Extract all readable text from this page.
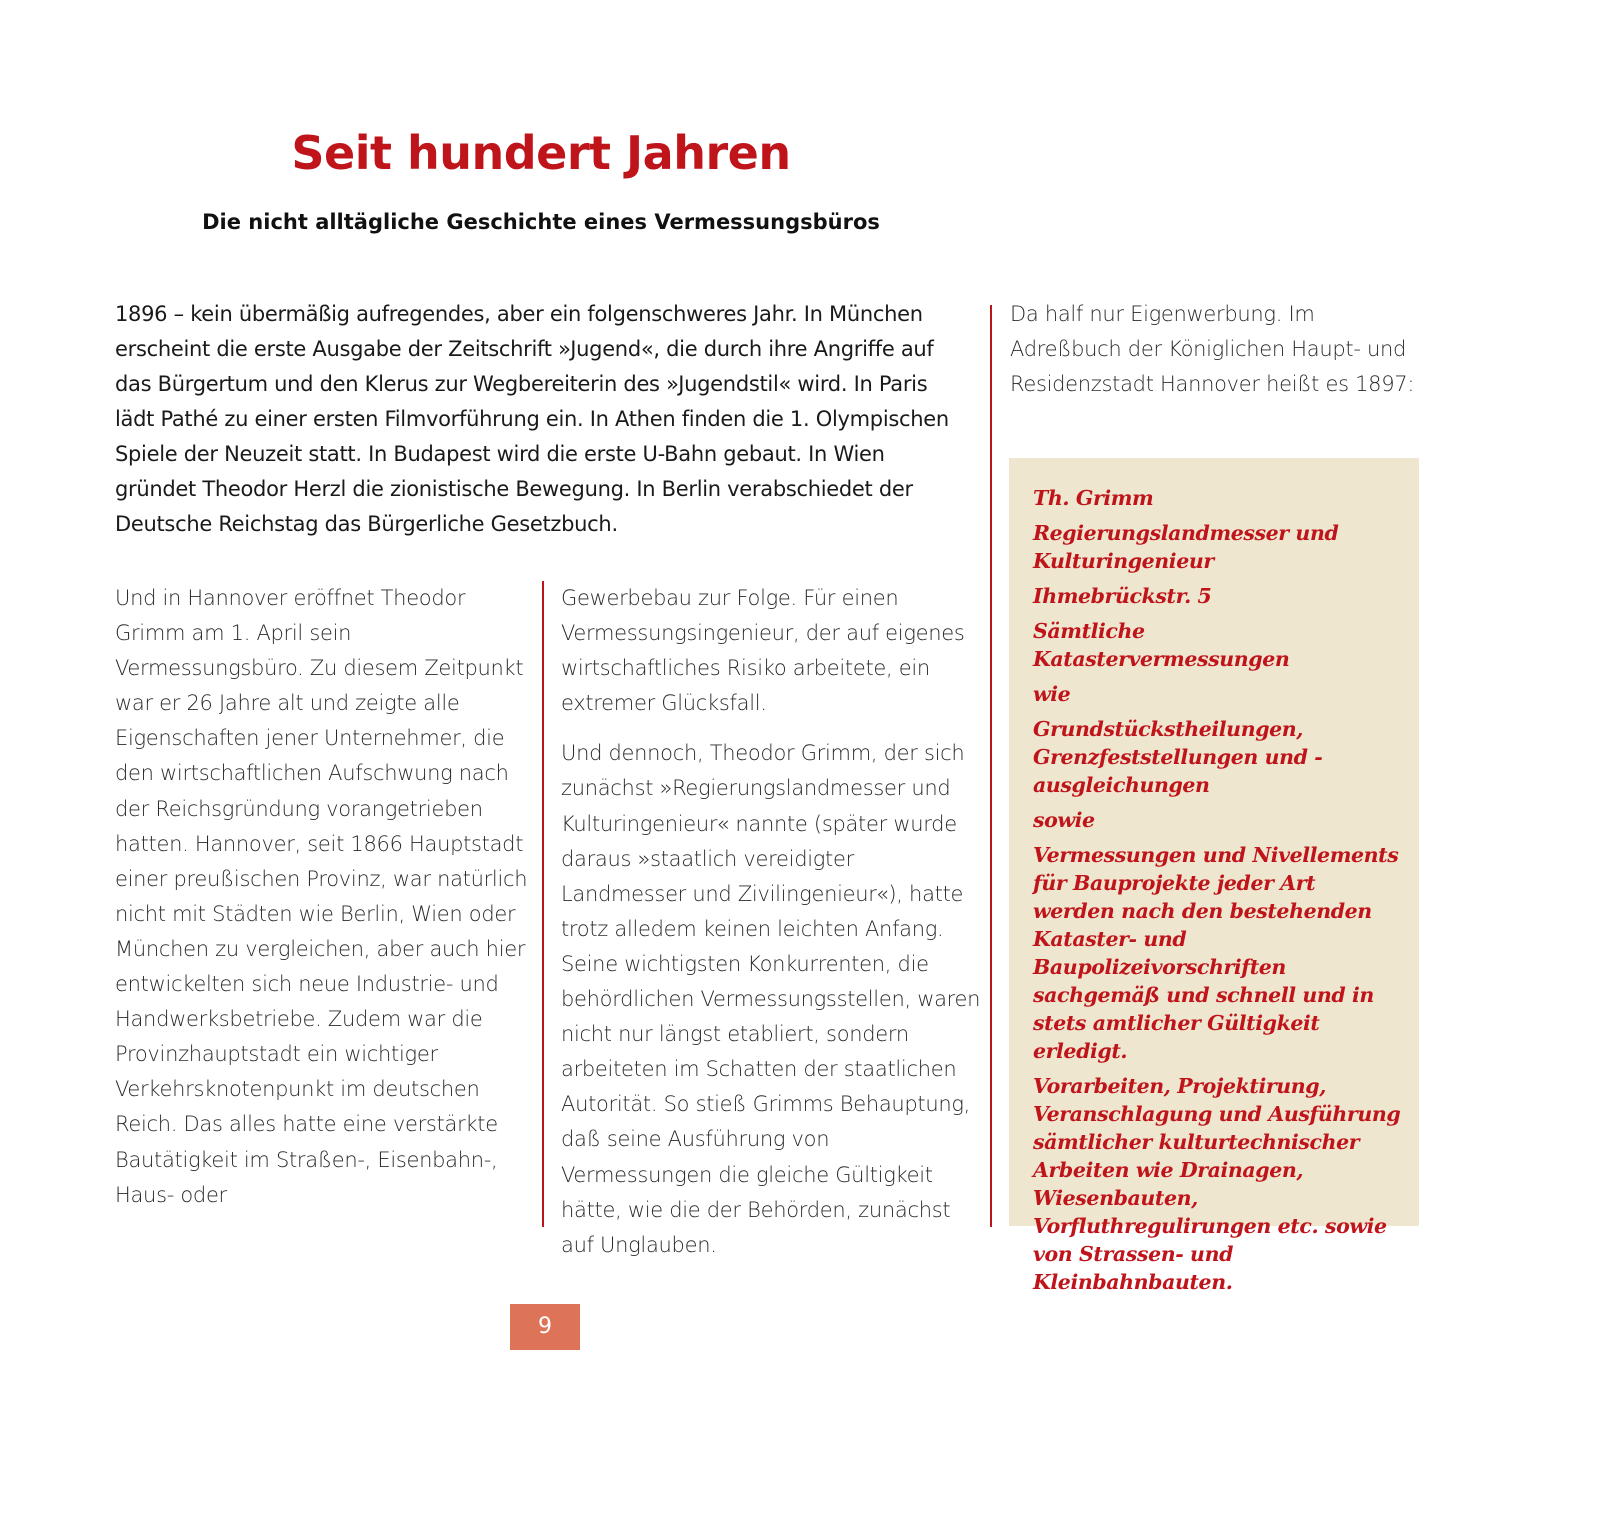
Seit hundert Jahren
Die nicht alltägliche Geschichte eines Vermessungsbüros

1896 – kein übermäßig aufregendes, aber ein folgenschweres Jahr. In München erscheint die erste Ausgabe der Zeitschrift »Jugend«, die durch ihre Angriffe auf das Bürgertum und den Klerus zur Wegbereiterin des »Jugendstil« wird. In Paris lädt Pathé zu einer ersten Filmvorführung ein. In Athen finden die 1. Olympischen Spiele der Neuzeit statt. In Budapest wird die erste U-Bahn gebaut. In Wien gründet Theodor Herzl die zionistische Bewegung. In Berlin verabschiedet der Deutsche Reichstag das Bürgerliche Gesetzbuch.

Und in Hannover eröffnet Theodor Grimm am 1. April sein Vermessungsbüro. Zu diesem Zeitpunkt war er 26 Jahre alt und zeigte alle Eigenschaften jener Unternehmer, die den wirtschaftlichen Aufschwung nach der Reichsgründung vorangetrieben hatten. Hannover, seit 1866 Hauptstadt einer preußischen Provinz, war natürlich nicht mit Städten wie Berlin, Wien oder München zu vergleichen, aber auch hier entwickelten sich neue Industrie- und Handwerksbetriebe. Zudem war die Provinzhauptstadt ein wichtiger Verkehrsknotenpunkt im deutschen Reich. Das alles hatte eine verstärkte Bautätigkeit im Straßen-, Eisenbahn-, Haus- oder

Gewerbebau zur Folge. Für einen Vermessungsingenieur, der auf eigenes wirtschaftliches Risiko arbeitete, ein extremer Glücksfall.

Und dennoch, Theodor Grimm, der sich zunächst »Regierungslandmesser und Kulturingenieur« nannte (später wurde daraus »staatlich vereidigter Landmesser und Zivilingenieur«), hatte trotz alledem keinen leichten Anfang. Seine wichtigsten Konkurrenten, die behördlichen Vermessungsstellen, waren nicht nur längst etabliert, sondern arbeiteten im Schatten der staatlichen Autorität. So stieß Grimms Behauptung, daß seine Ausführung von Vermessungen die gleiche Gültigkeit hätte, wie die der Behörden, zunächst auf Unglauben.

Da half nur Eigenwerbung. Im Adreßbuch der Königlichen Haupt- und Residenzstadt Hannover heißt es 1897:

Th. Grimm

Regierungslandmesser und Kulturingenieur

Ihmebrückstr. 5

Sämtliche Katastervermessungen

wie

Grundstückstheilungen, Grenzfeststellungen und -ausgleichungen

sowie

Vermessungen und Nivellements für Bauprojekte jeder Art werden nach den bestehenden Kataster- und Baupolizeivorschriften sachgemäß und schnell und in stets amtlicher Gültigkeit erledigt.

Vorarbeiten, Projektirung, Veranschlagung und Ausführung sämtlicher kulturtechnischer Arbeiten wie Drainagen, Wiesenbauten, Vorfluthregulirungen etc. sowie von Strassen- und Kleinbahnbauten.

9
